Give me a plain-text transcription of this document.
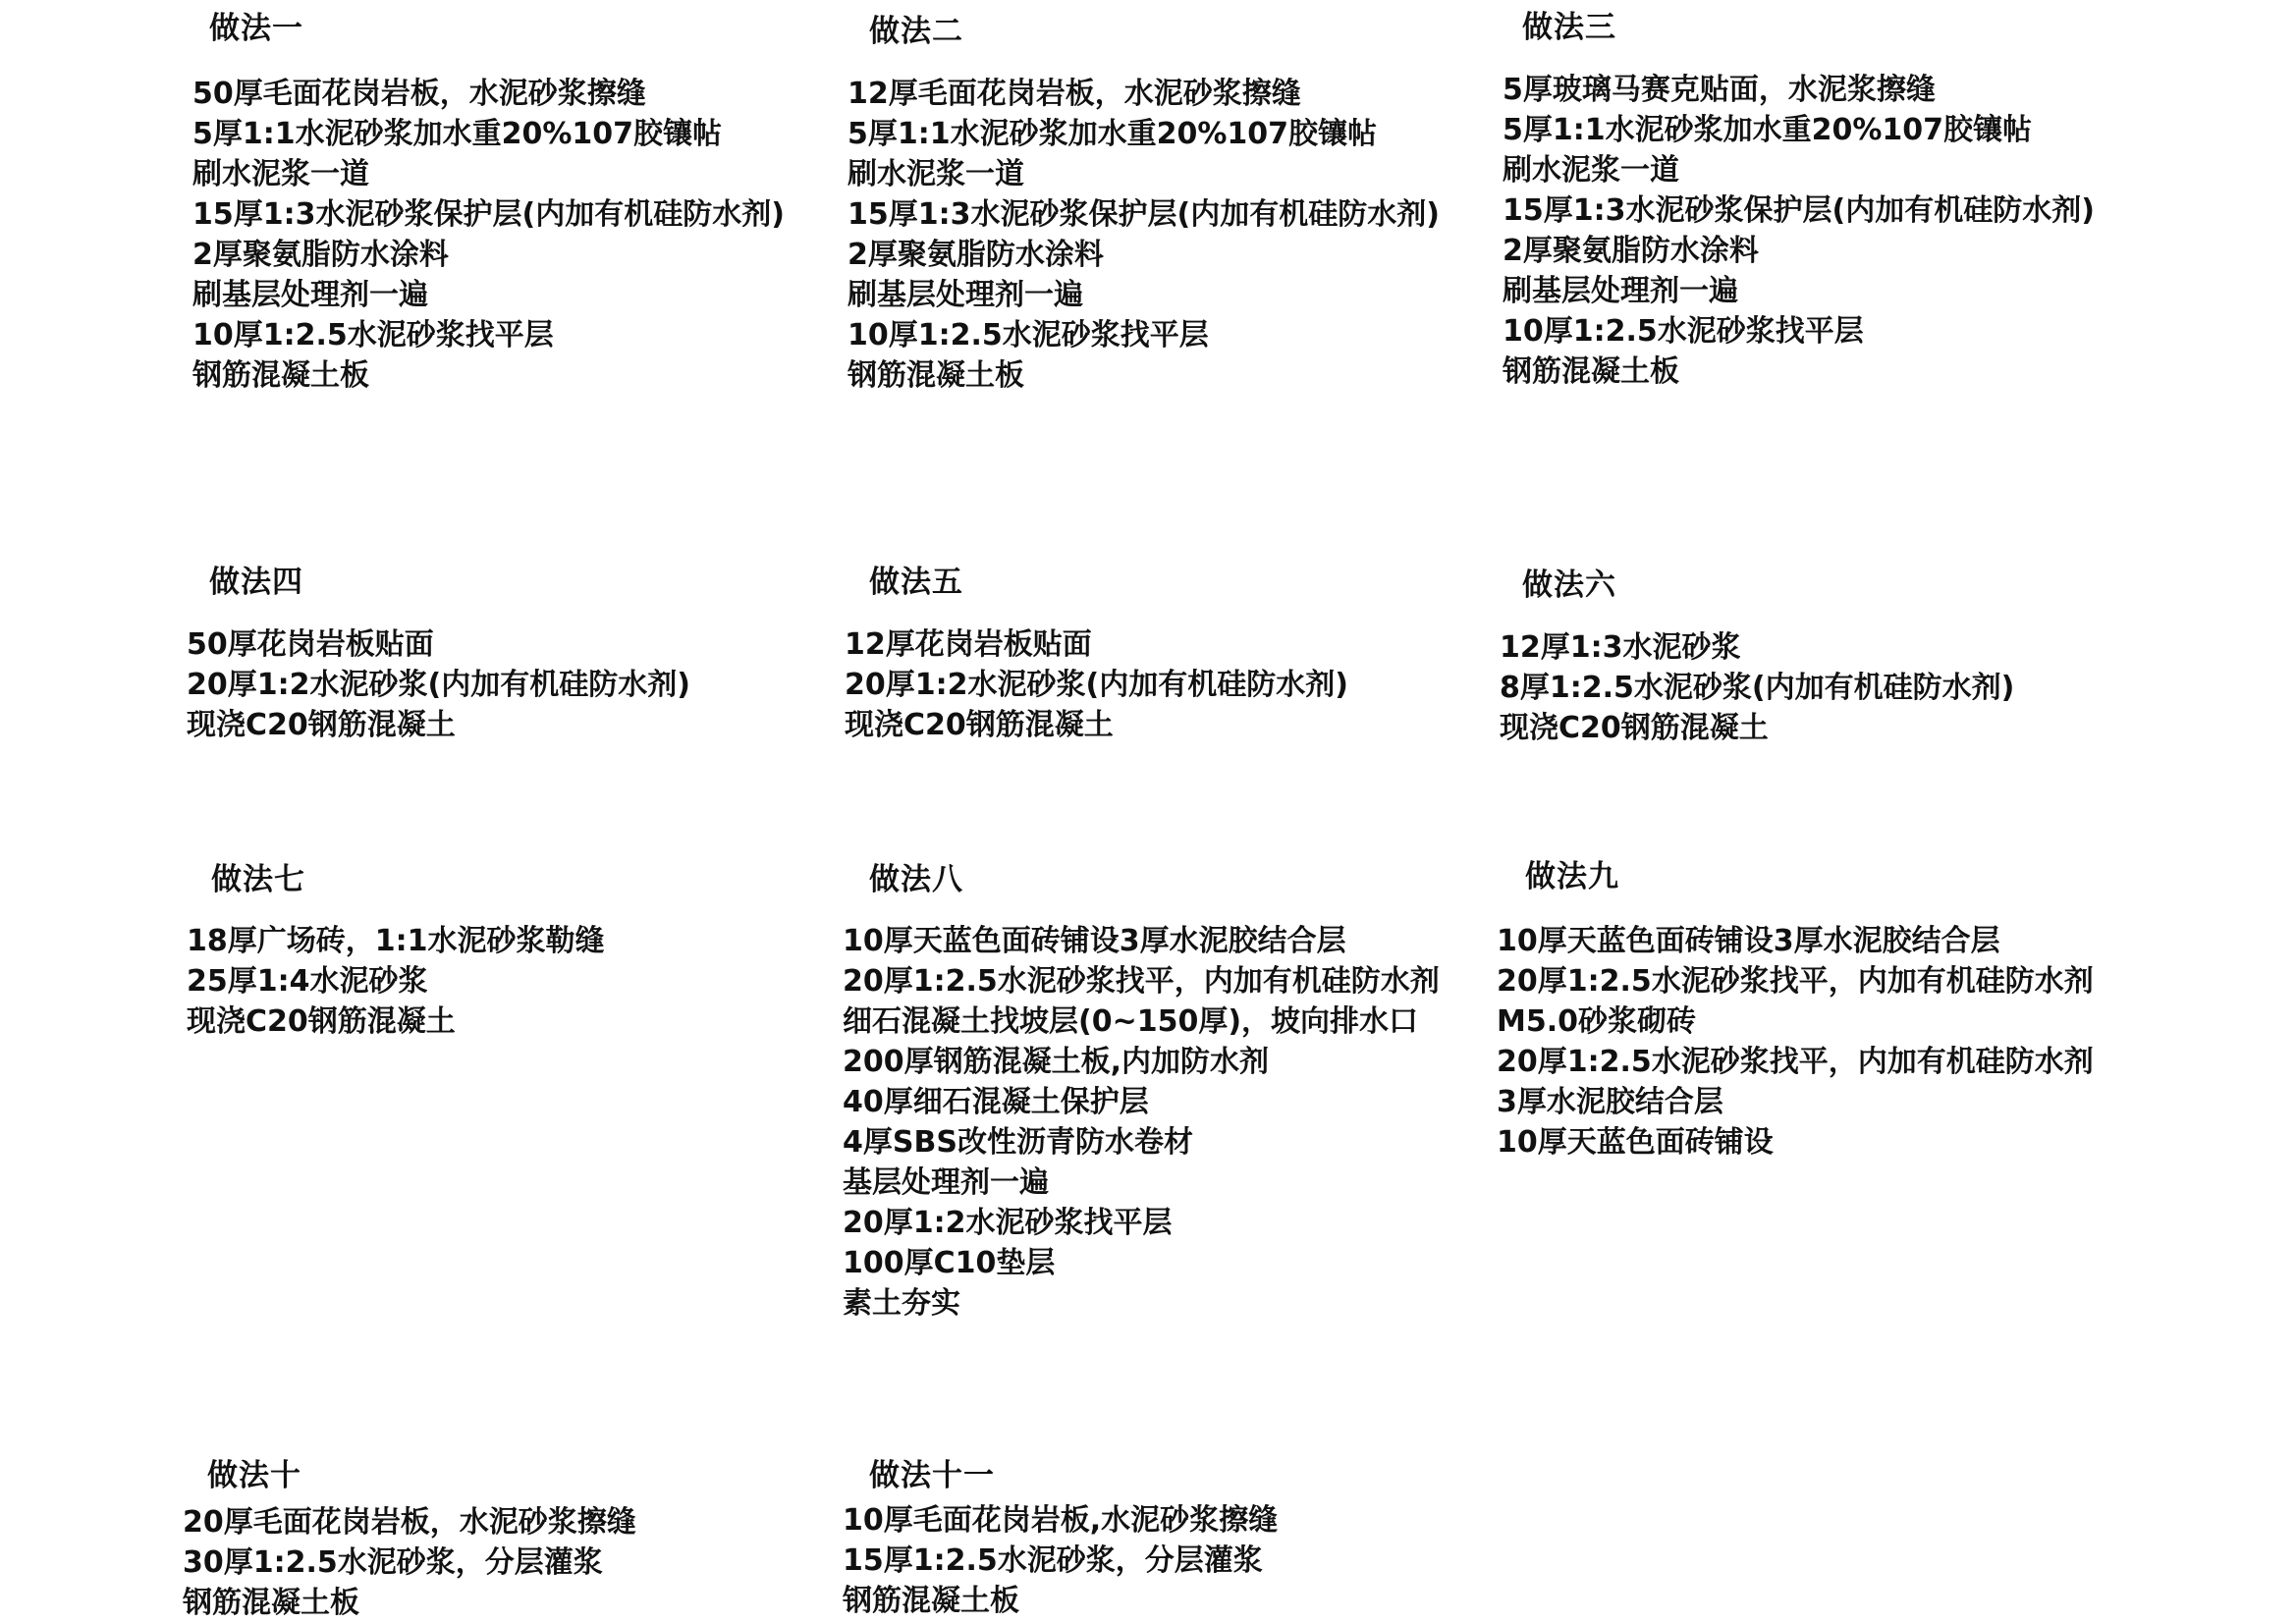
做法一
50厚毛面花岗岩板，水泥砂浆擦缝
5厚1:1水泥砂浆加水重20%107胶镶帖
刷水泥浆一道
15厚1:3水泥砂浆保护层(内加有机硅防水剂)
2厚聚氨脂防水涂料
刷基层处理剂一遍
10厚1:2.5水泥砂浆找平层
钢筋混凝土板
做法二
12厚毛面花岗岩板，水泥砂浆擦缝
5厚1:1水泥砂浆加水重20%107胶镶帖
刷水泥浆一道
15厚1:3水泥砂浆保护层(内加有机硅防水剂)
2厚聚氨脂防水涂料
刷基层处理剂一遍
10厚1:2.5水泥砂浆找平层
钢筋混凝土板
做法三
5厚玻璃马赛克贴面，水泥浆擦缝
5厚1:1水泥砂浆加水重20%107胶镶帖
刷水泥浆一道
15厚1:3水泥砂浆保护层(内加有机硅防水剂)
2厚聚氨脂防水涂料
刷基层处理剂一遍
10厚1:2.5水泥砂浆找平层
钢筋混凝土板
做法四
50厚花岗岩板贴面
20厚1:2水泥砂浆(内加有机硅防水剂)
现浇C20钢筋混凝土
做法五
12厚花岗岩板贴面
20厚1:2水泥砂浆(内加有机硅防水剂)
现浇C20钢筋混凝土
做法六
12厚1:3水泥砂浆
8厚1:2.5水泥砂浆(内加有机硅防水剂)
现浇C20钢筋混凝土
做法七
18厚广场砖，1:1水泥砂浆勒缝
25厚1:4水泥砂浆
现浇C20钢筋混凝土
做法八
10厚天蓝色面砖铺设3厚水泥胶结合层
20厚1:2.5水泥砂浆找平，内加有机硅防水剂
细石混凝土找坡层(0~150厚)，坡向排水口
200厚钢筋混凝土板,内加防水剂
40厚细石混凝土保护层
4厚SBS改性沥青防水卷材
基层处理剂一遍
20厚1:2水泥砂浆找平层
100厚C10垫层
素土夯实
做法九
10厚天蓝色面砖铺设3厚水泥胶结合层
20厚1:2.5水泥砂浆找平，内加有机硅防水剂
M5.0砂浆砌砖
20厚1:2.5水泥砂浆找平，内加有机硅防水剂
3厚水泥胶结合层
10厚天蓝色面砖铺设
做法十
20厚毛面花岗岩板，水泥砂浆擦缝
30厚1:2.5水泥砂浆，分层灌浆
钢筋混凝土板
做法十一
10厚毛面花岗岩板,水泥砂浆擦缝
15厚1:2.5水泥砂浆，分层灌浆
钢筋混凝土板
